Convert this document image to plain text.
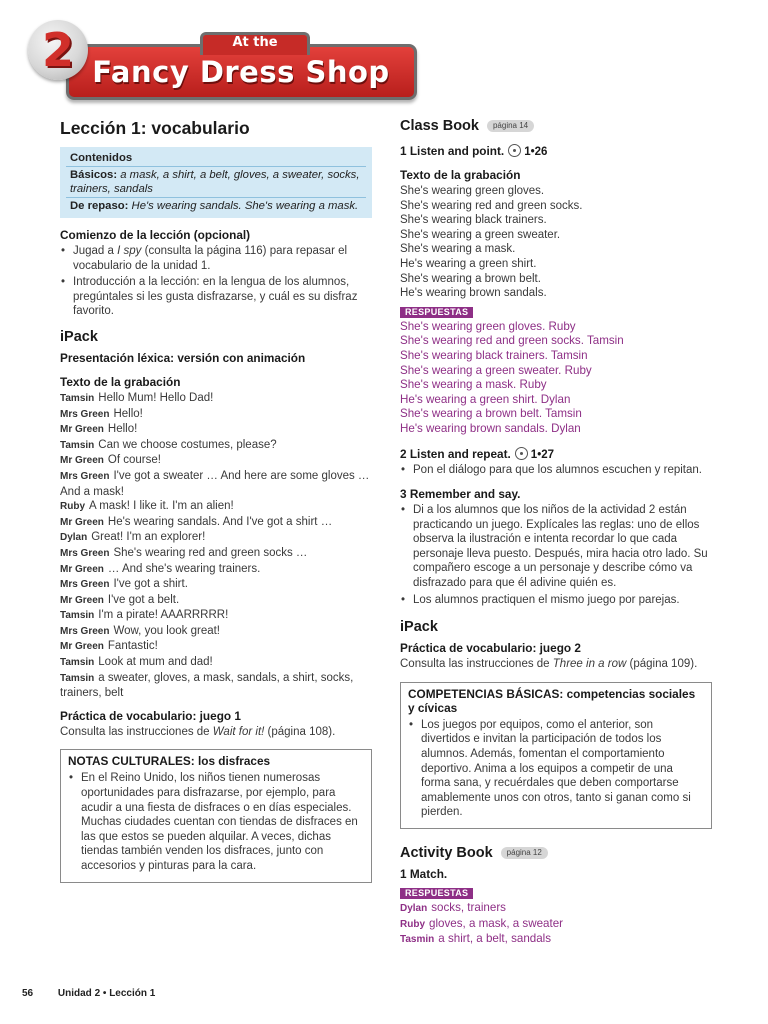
At the
Fancy Dress Shop
2
Lección 1: vocabulario
Contenidos
Básicos: a mask, a shirt, a belt, gloves, a sweater, socks, trainers, sandals
De repaso: He's wearing sandals. She's wearing a mask.
Comienzo de la lección (opcional)
• Jugad a I spy (consulta la página 116) para repasar el vocabulario de la unidad 1.
• Introducción a la lección: en la lengua de los alumnos, pregúntales si les gusta disfrazarse, y cuál es su disfraz favorito.
iPack
Presentación léxica: versión con animación
Texto de la grabación
Tamsin Hello Mum! Hello Dad!
Mrs Green Hello!
Mr Green Hello!
Tamsin Can we choose costumes, please?
Mr Green Of course!
Mrs Green I've got a sweater … And here are some gloves … And a mask!
Ruby A mask! I like it. I'm an alien!
Mr Green He's wearing sandals. And I've got a shirt …
Dylan Great! I'm an explorer!
Mrs Green She's wearing red and green socks …
Mr Green … And she's wearing trainers.
Mrs Green I've got a shirt.
Mr Green I've got a belt.
Tamsin I'm a pirate! AAARRRRR!
Mrs Green Wow, you look great!
Mr Green Fantastic!
Tamsin Look at mum and dad!
Tamsin a sweater, gloves, a mask, sandals, a shirt, socks, trainers, belt
Práctica de vocabulario: juego 1
Consulta las instrucciones de Wait for it! (página 108).
NOTAS CULTURALES: los disfraces
• En el Reino Unido, los niños tienen numerosas oportunidades para disfrazarse, por ejemplo, para acudir a una fiesta de disfraces o en días especiales. Muchas ciudades cuentan con tiendas de disfraces en las que estos se pueden alquilar. A veces, dichas tiendas también venden los disfraces, junto con accesorios y pinturas para la cara.
Class Book página 14
1 Listen and point. 1•26
Texto de la grabación
She's wearing green gloves.
She's wearing red and green socks.
She's wearing black trainers.
She's wearing a green sweater.
She's wearing a mask.
He's wearing a green shirt.
She's wearing a brown belt.
He's wearing brown sandals.
RESPUESTAS
She's wearing green gloves. Ruby
She's wearing red and green socks. Tamsin
She's wearing black trainers. Tamsin
She's wearing a green sweater. Ruby
She's wearing a mask. Ruby
He's wearing a green shirt. Dylan
She's wearing a brown belt. Tamsin
He's wearing brown sandals. Dylan
2 Listen and repeat. 1•27
• Pon el diálogo para que los alumnos escuchen y repitan.
3 Remember and say.
• Di a los alumnos que los niños de la actividad 2 están practicando un juego. Explícales las reglas: uno de ellos observa la ilustración e intenta recordar lo que cada personaje lleva puesto. Después, mira hacia otro lado. Su compañero escoge a un personaje y describe cómo va disfrazado para que él adivine quién es.
• Los alumnos practiquen el mismo juego por parejas.
iPack
Práctica de vocabulario: juego 2
Consulta las instrucciones de Three in a row (página 109).
COMPETENCIAS BÁSICAS: competencias sociales y cívicas
• Los juegos por equipos, como el anterior, son divertidos e invitan la participación de todos los alumnos. Además, fomentan el comportamiento deportivo. Anima a los equipos a competir de una forma sana, y recuérdales que deben comportarse amablemente unos con otros, tanto si ganan como si pierden.
Activity Book página 12
1 Match.
RESPUESTAS
Dylan socks, trainers
Ruby gloves, a mask, a sweater
Tasmin a shirt, a belt, sandals
56 Unidad 2 • Lección 1
